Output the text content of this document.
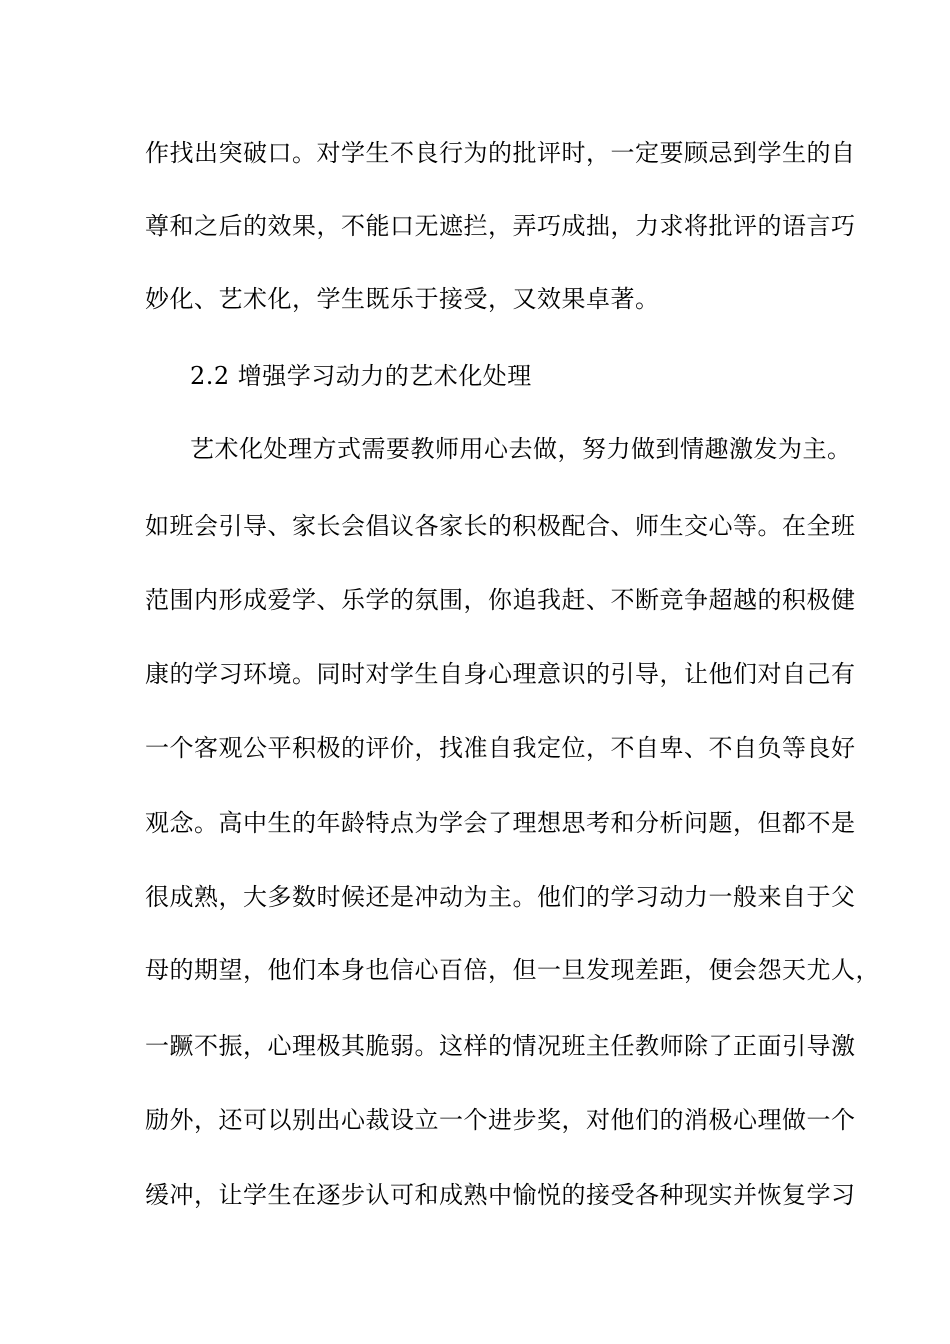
作找出突破口。对学生不良行为的批评时，一定要顾忌到学生的自
尊和之后的效果，不能口无遮拦，弄巧成拙，力求将批评的语言巧
妙化、艺术化，学生既乐于接受，又效果卓著。
2.2 增强学习动力的艺术化处理
艺术化处理方式需要教师用心去做，努力做到情趣激发为主。
如班会引导、家长会倡议各家长的积极配合、师生交心等。在全班
范围内形成爱学、乐学的氛围，你追我赶、不断竞争超越的积极健
康的学习环境。同时对学生自身心理意识的引导，让他们对自己有
一个客观公平积极的评价，找准自我定位，不自卑、不自负等良好
观念。高中生的年龄特点为学会了理想思考和分析问题，但都不是
很成熟，大多数时候还是冲动为主。他们的学习动力一般来自于父
母的期望，他们本身也信心百倍，但一旦发现差距，便会怨天尤人，
一蹶不振，心理极其脆弱。这样的情况班主任教师除了正面引导激
励外，还可以别出心裁设立一个进步奖，对他们的消极心理做一个
缓冲，让学生在逐步认可和成熟中愉悦的接受各种现实并恢复学习
